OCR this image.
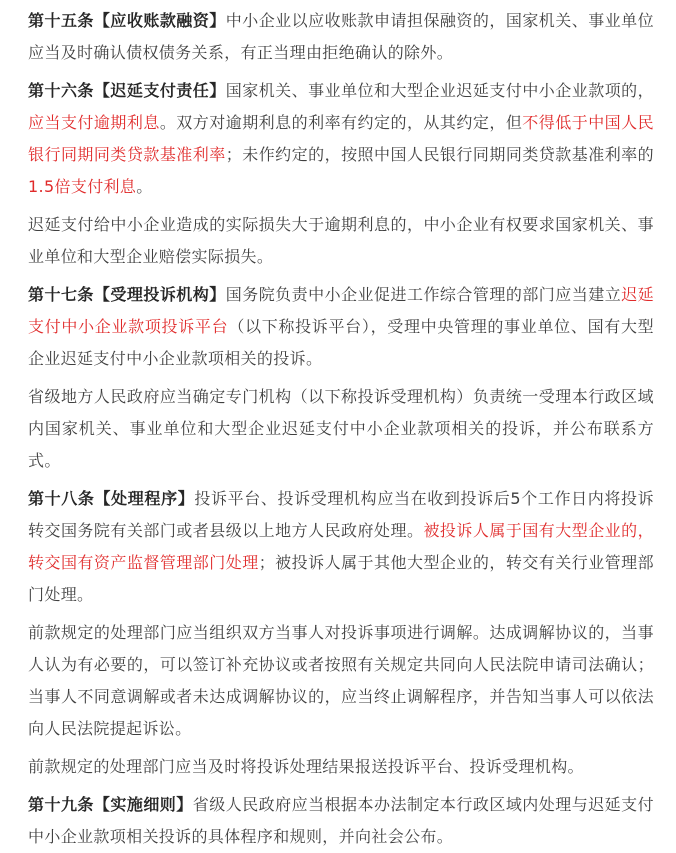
第十五条【应收账款融资】中小企业以应收账款申请担保融资的，国家机关、事业单位应当及时确认债权债务关系，有正当理由拒绝确认的除外。

第十六条【迟延支付责任】国家机关、事业单位和大型企业迟延支付中小企业款项的，应当支付逾期利息。双方对逾期利息的利率有约定的，从其约定，但不得低于中国人民银行同期同类贷款基准利率；未作约定的，按照中国人民银行同期同类贷款基准利率的1.5倍支付利息。

迟延支付给中小企业造成的实际损失大于逾期利息的，中小企业有权要求国家机关、事业单位和大型企业赔偿实际损失。

第十七条【受理投诉机构】国务院负责中小企业促进工作综合管理的部门应当建立迟延支付中小企业款项投诉平台（以下称投诉平台），受理中央管理的事业单位、国有大型企业迟延支付中小企业款项相关的投诉。

省级地方人民政府应当确定专门机构（以下称投诉受理机构）负责统一受理本行政区域内国家机关、事业单位和大型企业迟延支付中小企业款项相关的投诉，并公布联系方式。

第十八条【处理程序】投诉平台、投诉受理机构应当在收到投诉后5个工作日内将投诉转交国务院有关部门或者县级以上地方人民政府处理。被投诉人属于国有大型企业的，转交国有资产监督管理部门处理；被投诉人属于其他大型企业的，转交有关行业管理部门处理。

前款规定的处理部门应当组织双方当事人对投诉事项进行调解。达成调解协议的，当事人认为有必要的，可以签订补充协议或者按照有关规定共同向人民法院申请司法确认；当事人不同意调解或者未达成调解协议的，应当终止调解程序，并告知当事人可以依法向人民法院提起诉讼。

前款规定的处理部门应当及时将投诉处理结果报送投诉平台、投诉受理机构。

第十九条【实施细则】省级人民政府应当根据本办法制定本行政区域内处理与迟延支付中小企业款项相关投诉的具体程序和规则，并向社会公布。
